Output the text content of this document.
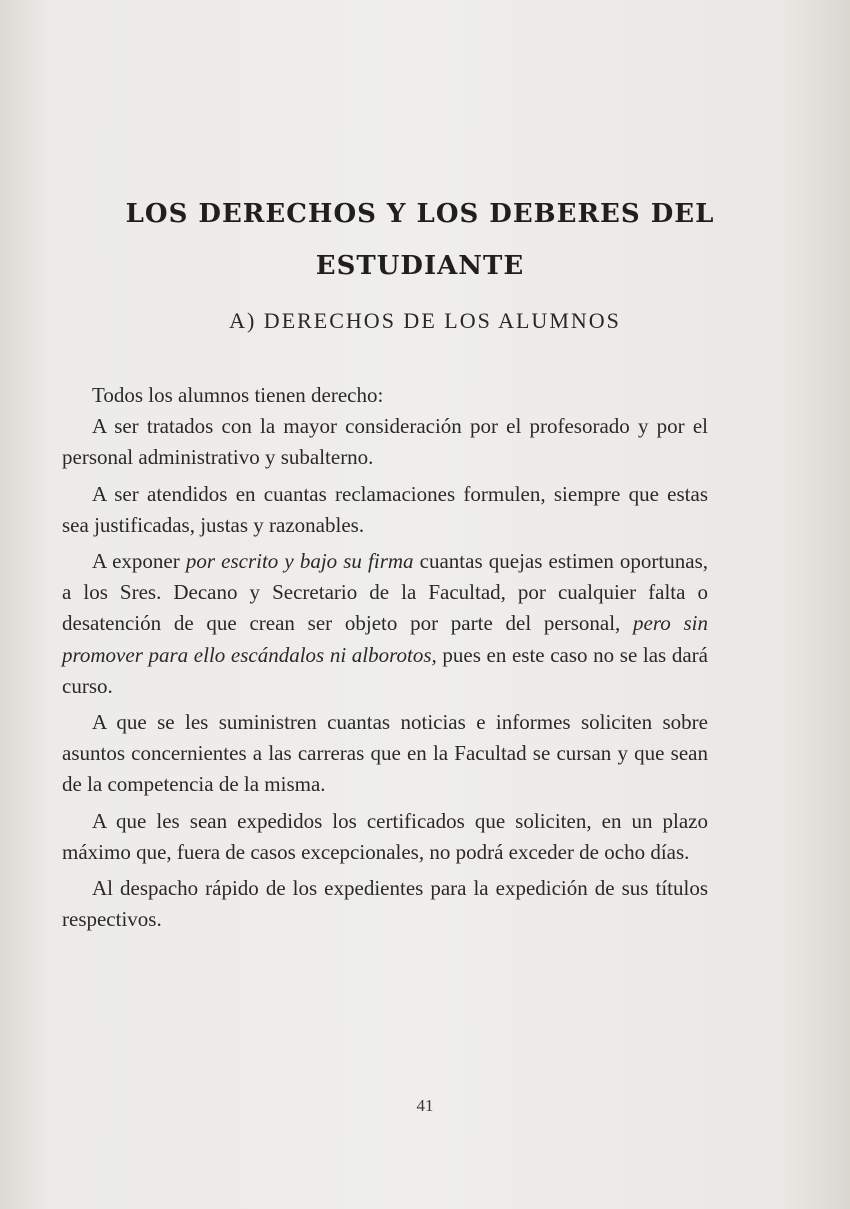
LOS DERECHOS Y LOS DEBERES DEL ESTUDIANTE
A) DERECHOS DE LOS ALUMNOS

Todos los alumnos tienen derecho:

A ser tratados con la mayor consideración por el profesorado y por el personal administrativo y subalterno.

A ser atendidos en cuantas reclamaciones formulen, siempre que estas sea justificadas, justas y razonables.

A exponer por escrito y bajo su firma cuantas quejas estimen oportunas, a los Sres. Decano y Secretario de la Facultad, por cualquier falta o desatención de que crean ser objeto por parte del personal, pero sin promover para ello escándalos ni alborotos, pues en este caso no se las dará curso.

A que se les suministren cuantas noticias e informes soliciten sobre asuntos concernientes a las carreras que en la Facultad se cursan y que sean de la competencia de la misma.

A que les sean expedidos los certificados que soliciten, en un plazo máximo que, fuera de casos excepcionales, no podrá exceder de ocho días.

Al despacho rápido de los expedientes para la expedición de sus títulos respectivos.

41
